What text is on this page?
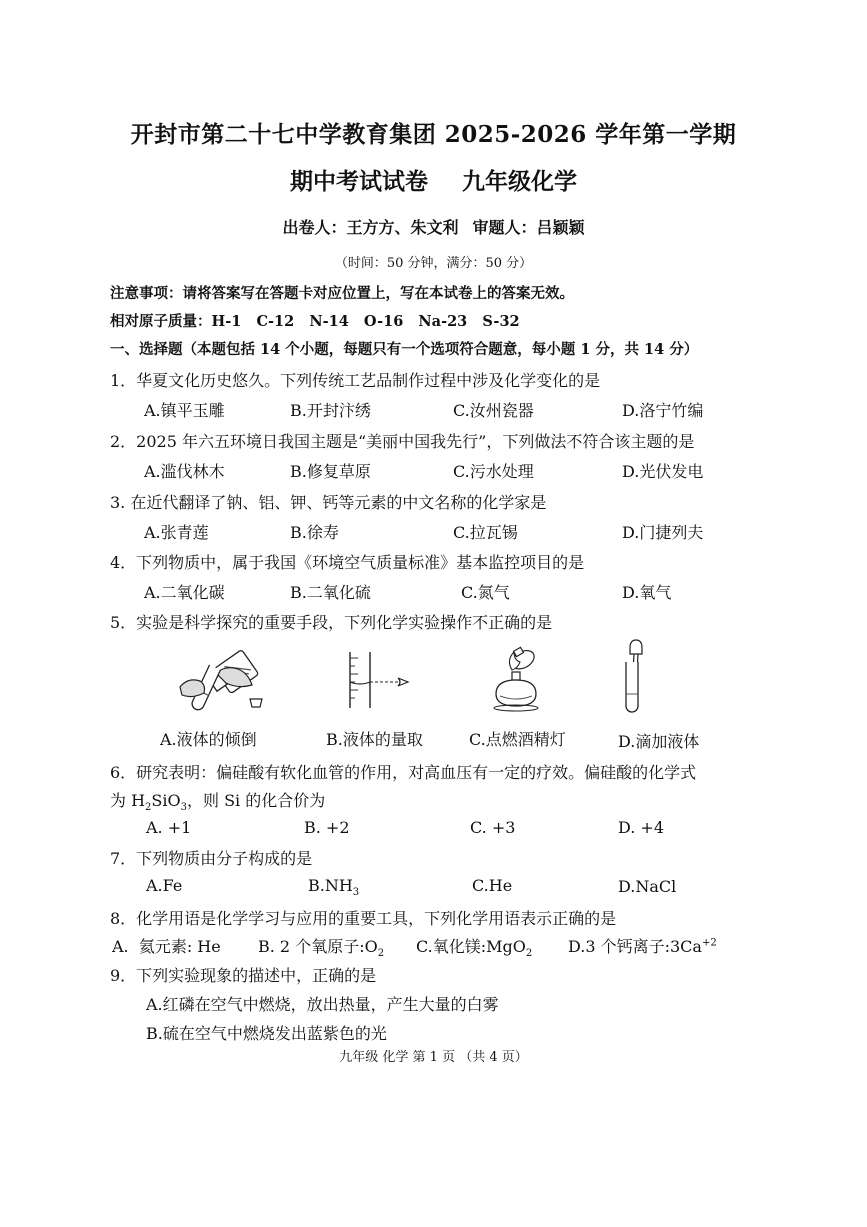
开封市第二十七中学教育集团 2025-2026 学年第一学期
期中考试试卷 九年级化学
出卷人：王方方、朱文利 审题人：吕颖颖
（时间：50 分钟，满分：50 分）
注意事项：请将答案写在答题卡对应位置上，写在本试卷上的答案无效。
相对原子质量：H-1   C-12   N-14   O-16   Na-23   S-32
一、选择题（本题包括 14 个小题，每题只有一个选项符合题意，每小题 1 分，共 14 分）
1．华夏文化历史悠久。下列传统工艺品制作过程中涉及化学变化的是
A.镇平玉雕	B.开封汴绣	C.汝州瓷器	D.洛宁竹编
2．2025 年六五环境日我国主题是“美丽中国我先行”，下列做法不符合该主题的是
A.滥伐林木	B.修复草原	C.污水处理	D.光伏发电
3. 在近代翻译了钠、铝、钾、钙等元素的中文名称的化学家是
A.张青莲	B.徐寿	C.拉瓦锡	D.门捷列夫
4．下列物质中，属于我国《环境空气质量标准》基本监控项目的是
A.二氧化碳	B.二氧化硫	C.氮气	D.氧气
5．实验是科学探究的重要手段，下列化学实验操作不正确的是
A.液体的倾倒	B.液体的量取	C.点燃酒精灯	D.滴加液体
6．研究表明：偏硅酸有软化血管的作用，对高血压有一定的疗效。偏硅酸的化学式
为 $H_2SiO_3$，则 Si 的化合价为
A. +1	B. +2	C. +3	D. +4
7．下列物质由分子构成的是
A.Fe	$B.NH_3$	C.He	D.NaCl
8．化学用语是化学学习与应用的重要工具，下列化学用语表示正确的是
A.  氦元素: He B. 2 个氧原子$:O_2$ C.氧化镁:MgO$_2$ D.3 个钙离子$:3Ca^{+2}$
9．下列实验现象的描述中，正确的是
A.红磷在空气中燃烧，放出热量，产生大量的白雾
B.硫在空气中燃烧发出蓝紫色的光
九年级 化学 第 1 页 （共 4 页）
